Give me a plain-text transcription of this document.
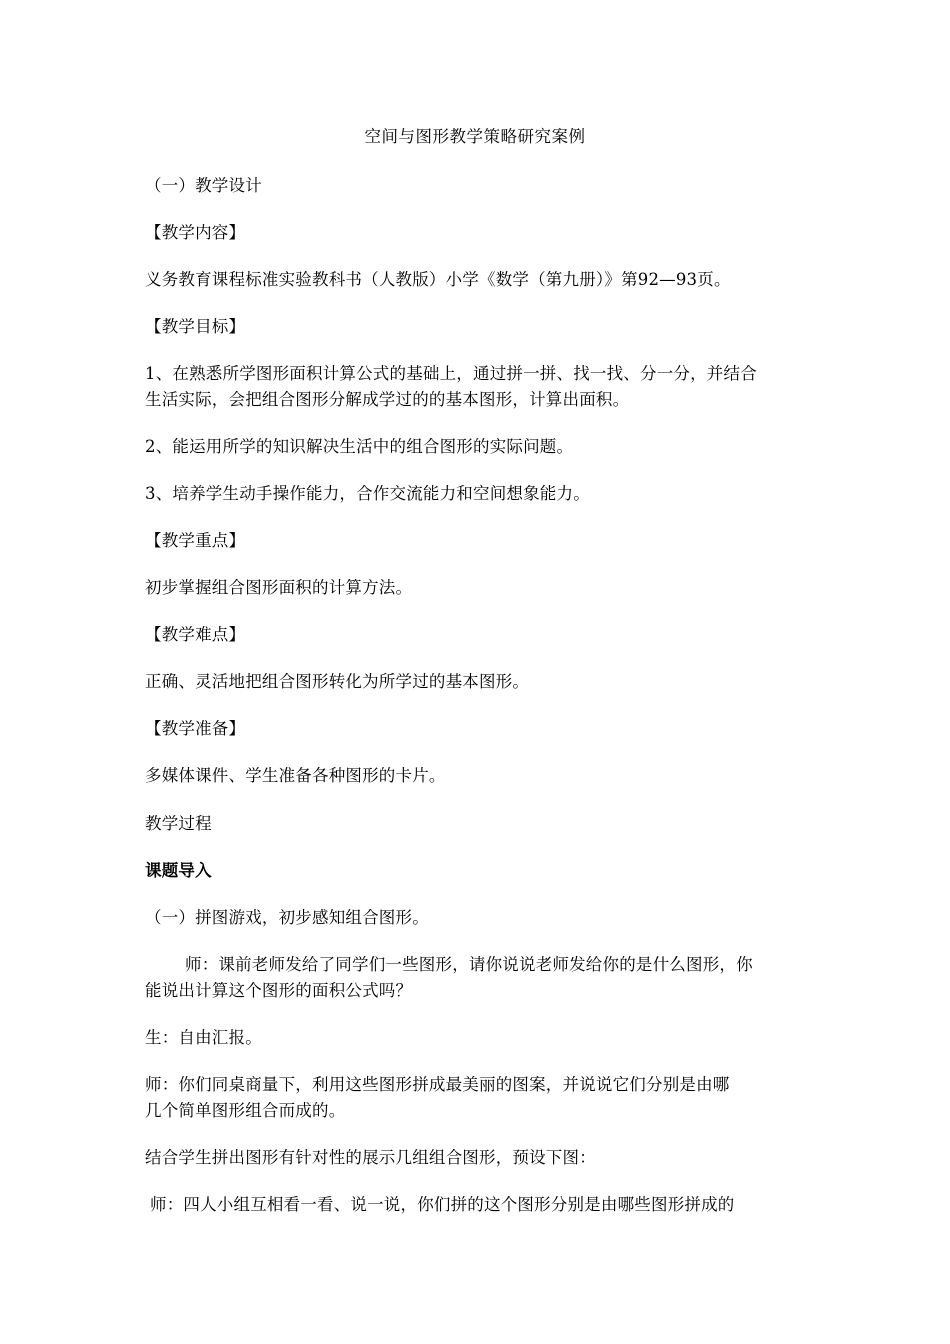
空间与图形教学策略研究案例
（一）教学设计
【教学内容】
义务教育课程标准实验教科书（人教版）小学《数学（第九册）》第92—93页。
【教学目标】
1、在熟悉所学图形面积计算公式的基础上，通过拼一拼、找一找、分一分，并结合
生活实际，会把组合图形分解成学过的的基本图形，计算出面积。
2、能运用所学的知识解决生活中的组合图形的实际问题。
3、培养学生动手操作能力，合作交流能力和空间想象能力。
【教学重点】
初步掌握组合图形面积的计算方法。
【教学难点】
正确、灵活地把组合图形转化为所学过的基本图形。
【教学准备】
多媒体课件、学生准备各种图形的卡片。
教学过程
课题导入
（一）拼图游戏，初步感知组合图形。
师：课前老师发给了同学们一些图形，请你说说老师发给你的是什么图形，你
能说出计算这个图形的面积公式吗？
生：自由汇报。
师：你们同桌商量下，利用这些图形拼成最美丽的图案，并说说它们分别是由哪
几个简单图形组合而成的。
结合学生拼出图形有针对性的展示几组组合图形，预设下图：
师：四人小组互相看一看、说一说，你们拼的这个图形分别是由哪些图形拼成的
